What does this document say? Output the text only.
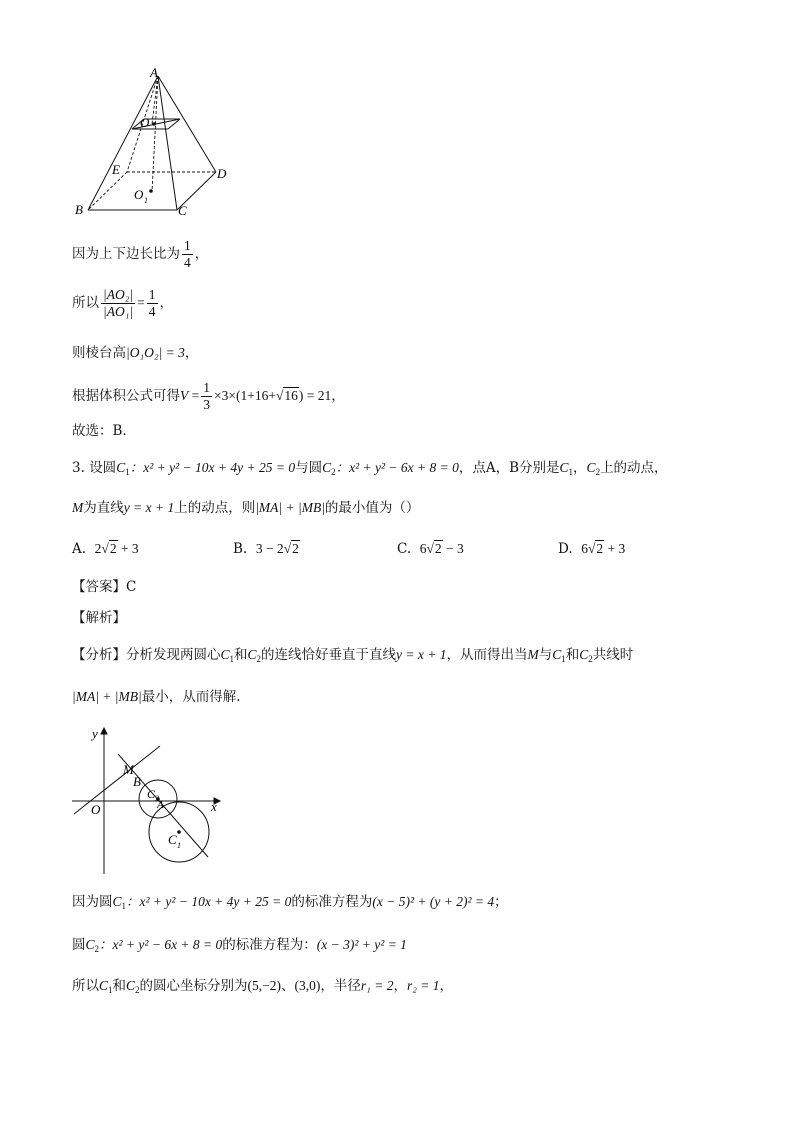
A
O
E	D
B
O 1
C
因为上下边长比为 $\frac{1}{4}$ ，
所以 $\frac{\text{|AO₂|}}{\text{|AO₁|}} = \frac{1}{4}$ ，
则棱台高|O₁O₂| = 3，
根据体积公式可得$V = \frac{1}{3} \times 3\times(1+16+√16) = 21$，
故选：B．
3. 设圆$C_1$：x² + y² − 10x + 4y + 25 = 0与圆$C_2$：x² + y² − 6x + 8 = 0，点A，B分别是$C_1$，$C_2$上的动点，
M为直线y = x + 1上的动点，则|MA| + |MB|的最小值为（）
A. 2√2 + 3	B. 3 − 2√2	C. 6√2 − 3	D. 6√2 + 3
【答案】C
【解析】
【分析】分析发现两圆心$C_1$和$C_2$的连线恰好垂直于直线y = x + 1，从而得出当M与$C_1$和$C_2$共线时
|MA| + |MB|最小，从而得解.
y
x
O
M
B
C 2
A
C 1
因为圆$C_1$：x² + y² − 10x + 4y + 25 = 0的标准方程为(x − 5)² + (y + 2)² = 4；
圆$C_2$：x² + y² − 6x + 8 = 0的标准方程为：(x − 3)² + y² = 1
所以$C_1$和$C_2$的圆心坐标分别为(5,−2)、(3,0)，半径r₁ = 2，r₂ = 1，
